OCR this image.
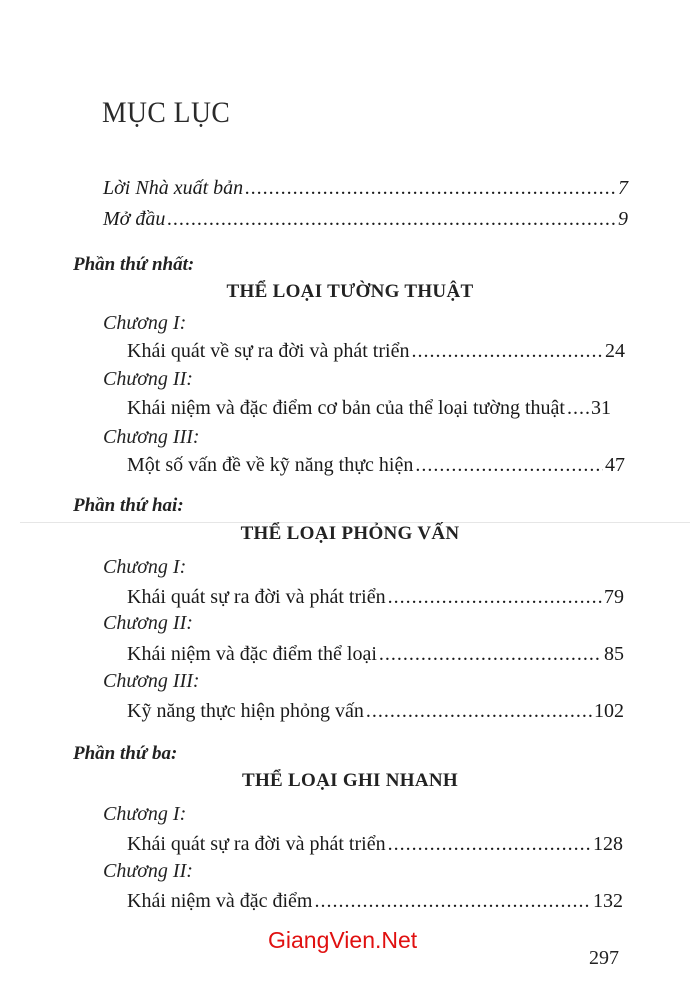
MỤC LỤC
Lời Nhà xuất bản .....	7
Mở đầu .....	9
Phần thứ nhất:
THỂ LOẠI TƯỜNG THUẬT
Chương I:
Khái quát về sự ra đời và phát triển .....	24
Chương II:
Khái niệm và đặc điểm cơ bản của thể loại tường thuật ..... 31
Chương III:
Một số vấn đề về kỹ năng thực hiện .....	47
Phần thứ hai:
THỂ LOẠI PHỎNG VẤN
Chương I:
Khái quát sự ra đời và phát triển .....	79
Chương II:
Khái niệm và đặc điểm thể loại .....	85
Chương III:
Kỹ năng thực hiện phỏng vấn .....	102
Phần thứ ba:
THỂ LOẠI GHI NHANH
Chương I:
Khái quát sự ra đời và phát triển .....	128
Chương II:
Khái niệm và đặc điểm .....	132
GiangVien.Net
297
